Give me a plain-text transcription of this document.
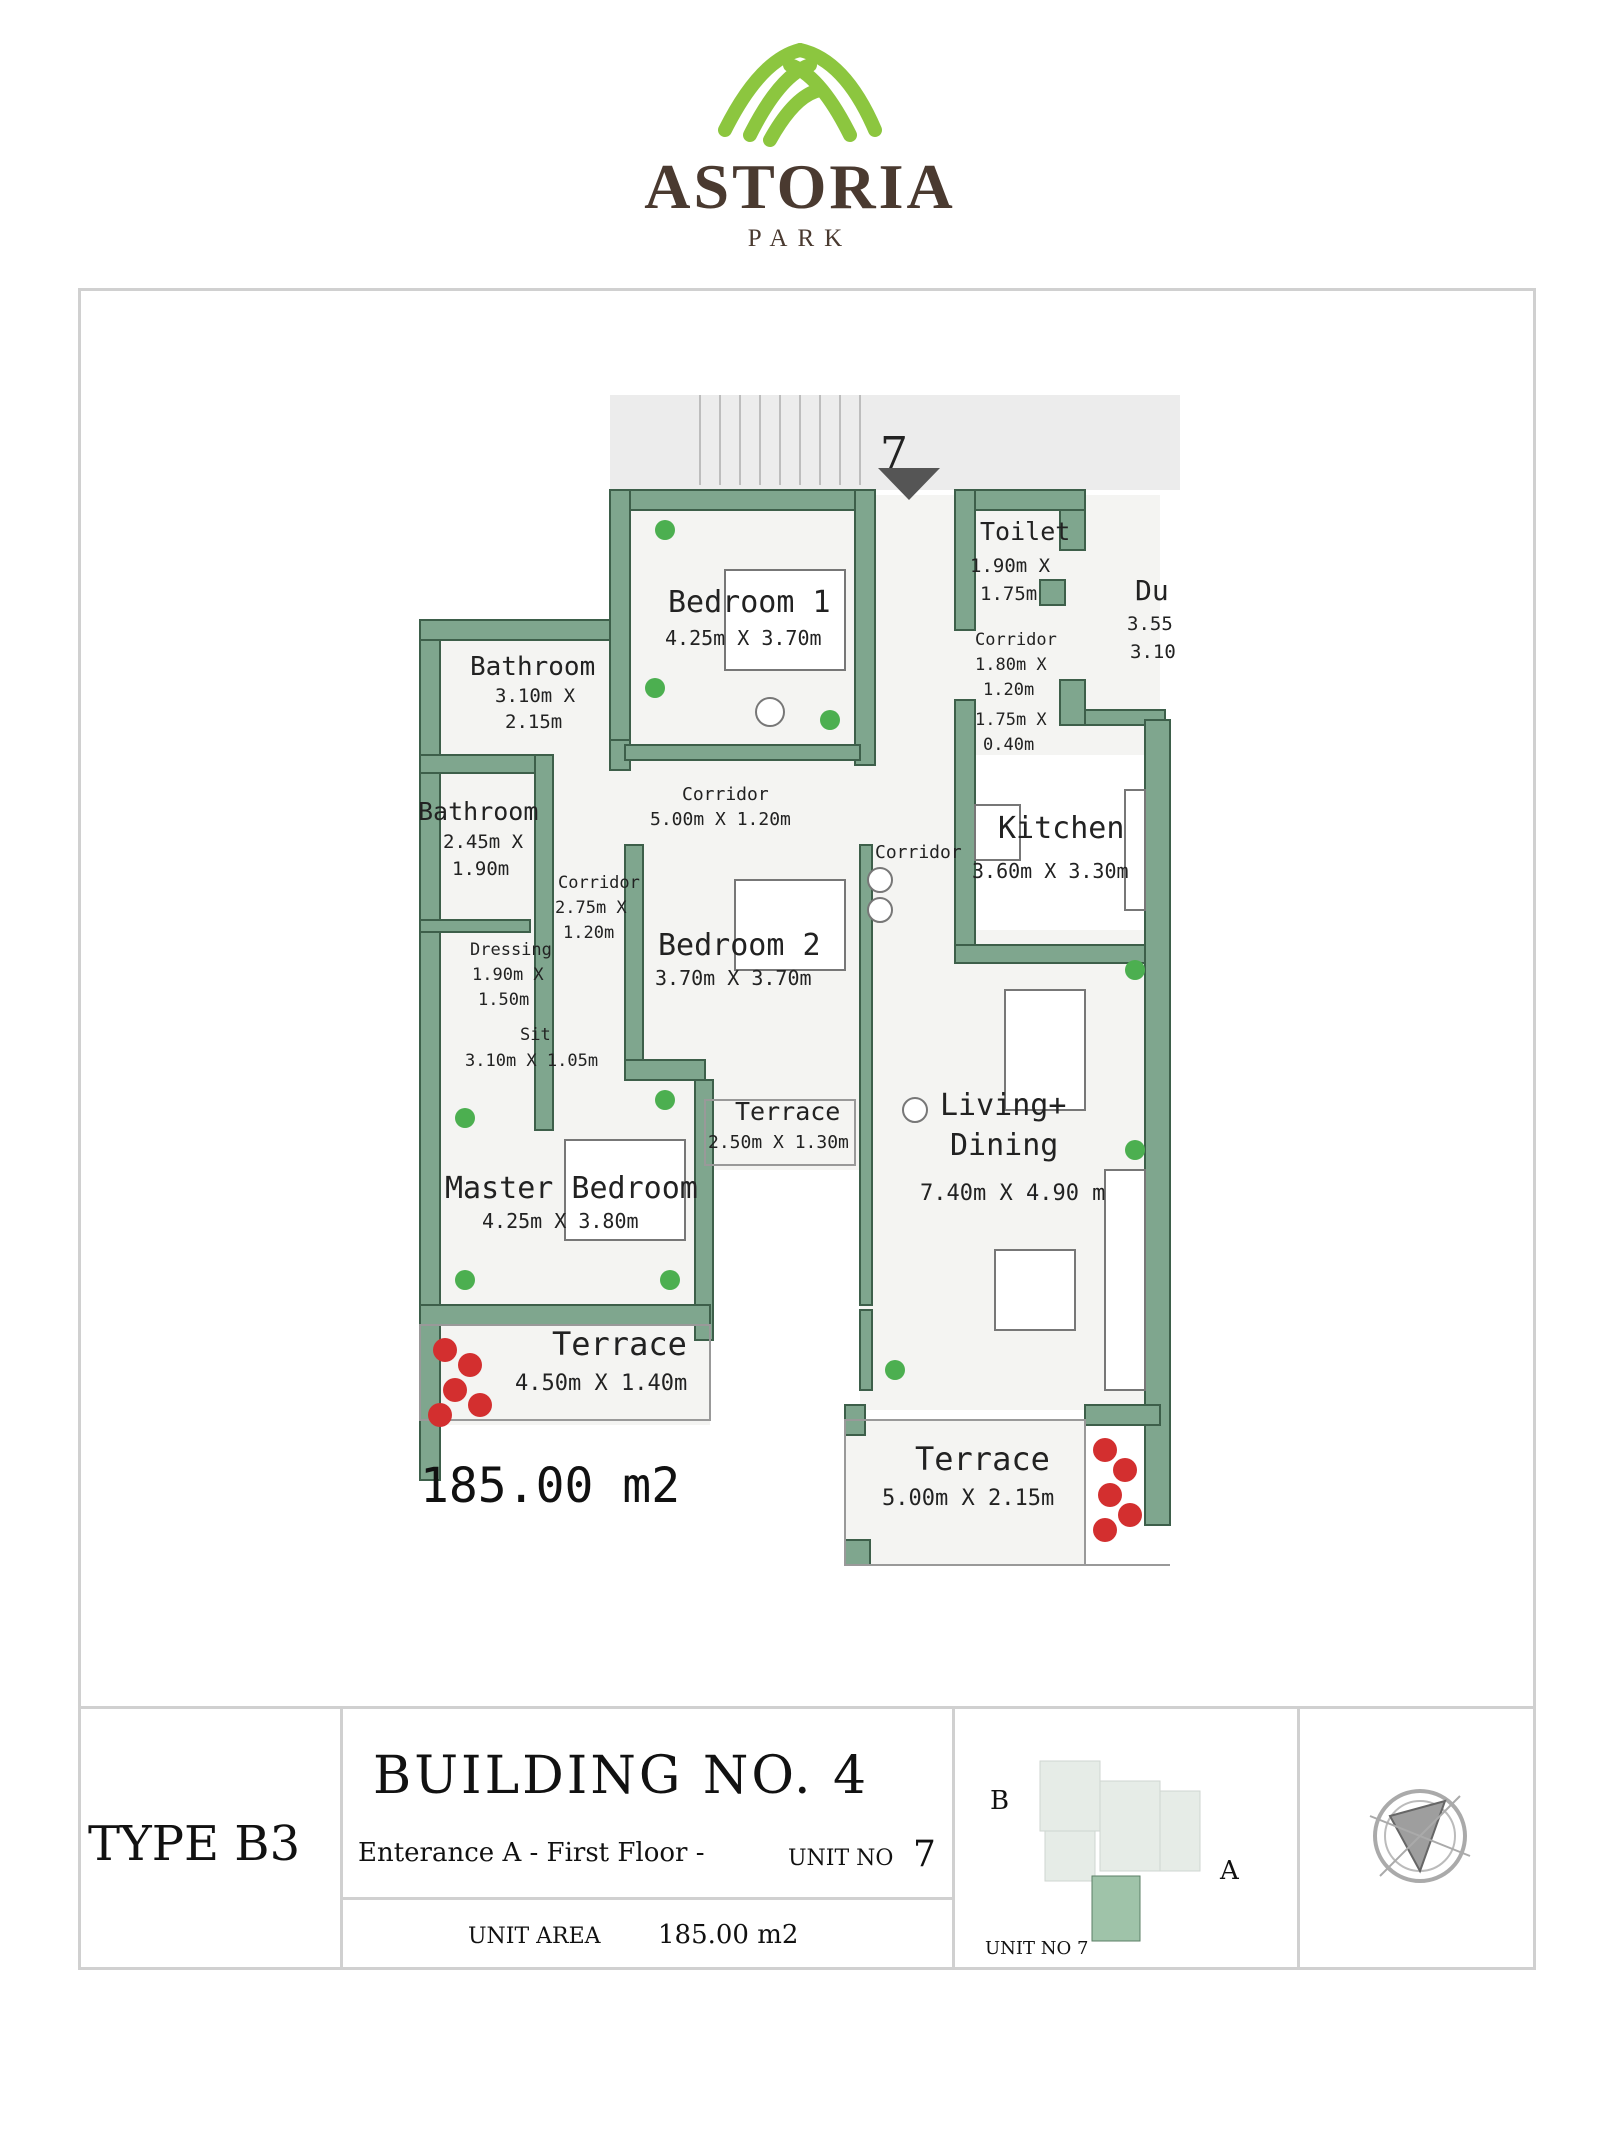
ASTORIA
PARK
Bedroom 1
4.25m X 3.70m
Bathroom
3.10m X
2.15m
Bathroom
2.45m X
1.90m
Corridor
5.00m X 1.20m
Corridor
2.75m X
1.20m
Corridor
Bedroom 2
3.70m X 3.70m
Dressing
1.90m X
1.50m
Sit
3.10m X 1.05m
Terrace
2.50m X 1.30m
Master Bedroom
4.25m X 3.80m
Terrace
4.50m X 1.40m
Toilet
1.90m X
1.75m
Corridor
1.80m X
1.20m
1.75m X
0.40m
Du
3.55
3.10
Kitchen
3.60m X 3.30m
Living+
Dining
7.40m X 4.90 m
Terrace
5.00m X 2.15m
7
185.00 m2
TYPE B3
BUILDING NO. 4
Enterance A - First Floor -	UNIT NO 7
UNIT AREA 185.00 m2
B
A
UNIT NO 7
